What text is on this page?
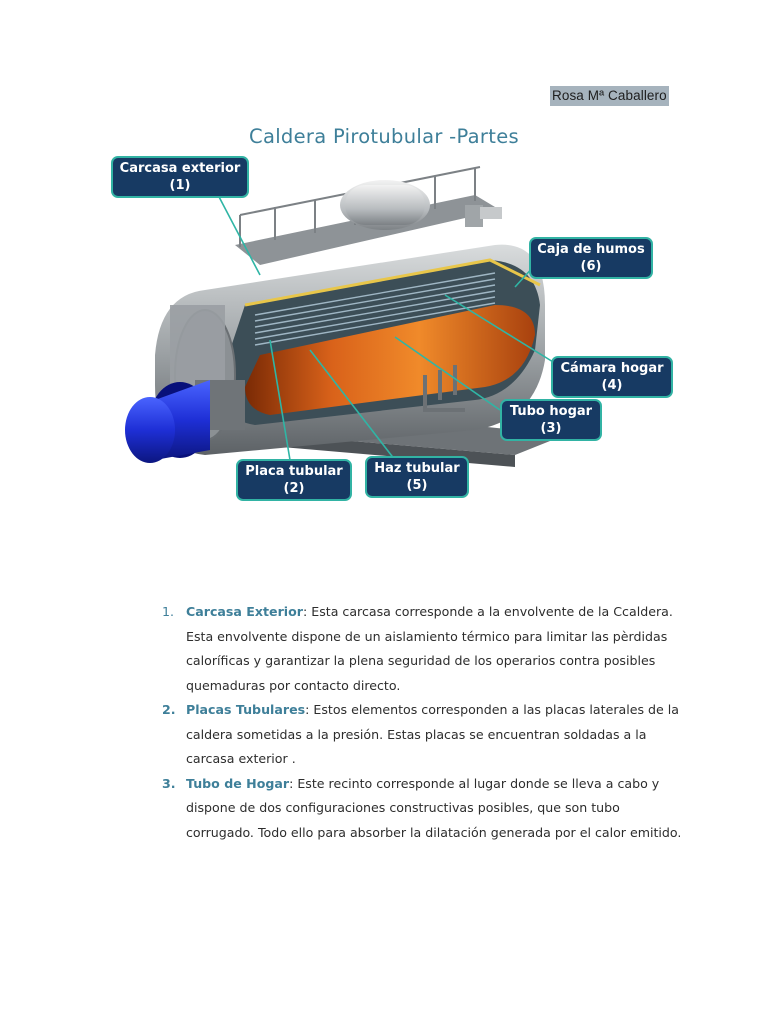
Rosa Mª Caballero
Caldera Pirotubular -Partes
Carcasa exterior
(1)
Caja de humos
(6)
Cámara hogar
(4)
Tubo hogar
(3)
Placa tubular
(2)
Haz tubular
(5)
1. Carcasa Exterior: Esta carcasa corresponde a la envolvente de la Ccaldera. Esta envolvente dispone de un aislamiento térmico para limitar las pèrdidas caloríficas y garantizar la plena seguridad de los operarios contra posibles quemaduras por contacto directo.
2. Placas Tubulares: Estos elementos corresponden a las placas laterales de la caldera sometidas a la presión. Estas placas se encuentran soldadas a la carcasa exterior .
3. Tubo de Hogar: Este recinto corresponde al lugar donde se lleva a cabo y dispone de dos configuraciones constructivas posibles, que son tubo corrugado. Todo ello para absorber la dilatación generada por el calor emitido.
